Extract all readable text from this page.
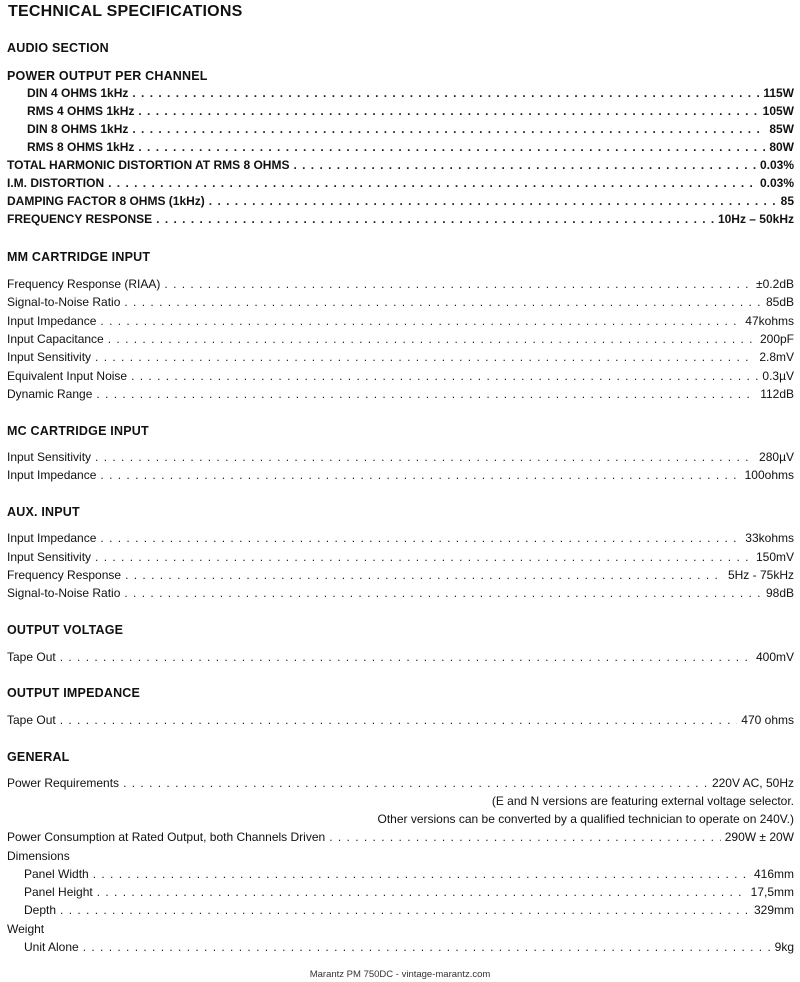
TECHNICAL SPECIFICATIONS
AUDIO SECTION
POWER OUTPUT PER CHANNEL
DIN 4 OHMS 1kHz . . .	115W
RMS 4 OHMS 1kHz . . .	105W
DIN 8 OHMS 1kHz . . .	85W
RMS 8 OHMS 1kHz . . .	80W
TOTAL HARMONIC DISTORTION AT RMS 8 OHMS . . .	0.03%
I.M. DISTORTION . . .	0.03%
DAMPING FACTOR 8 OHMS (1kHz) . . .	85
FREQUENCY RESPONSE . . .	10Hz – 50kHz
MM CARTRIDGE INPUT
Frequency Response (RIAA) . . .	±0.2dB
Signal-to-Noise Ratio . . .	85dB
Input Impedance . . .	47kohms
Input Capacitance . . .	200pF
Input Sensitivity . . .	2.8mV
Equivalent Input Noise . . .	0.3µV
Dynamic Range . . .	112dB
MC CARTRIDGE INPUT
Input Sensitivity . . .	280µV
Input Impedance . . .	100ohms
AUX. INPUT
Input Impedance . . .	33kohms
Input Sensitivity . . .	150mV
Frequency Response . . .	5Hz - 75kHz
Signal-to-Noise Ratio . . .	98dB
OUTPUT VOLTAGE
Tape Out . . .	400mV
OUTPUT IMPEDANCE
Tape Out . . .	470 ohms
GENERAL
Power Requirements . . .	220V AC, 50Hz
(E and N versions are featuring external voltage selector.
Other versions can be converted by a qualified technician to operate on 240V.)
Power Consumption at Rated Output, both Channels Driven . . .	290W ± 20W
Dimensions
Panel Width . . .	416mm
Panel Height . . .	17,5mm
Depth . . .	329mm
Weight
Unit Alone . . .	9kg
Marantz PM 750DC - vintage-marantz.com
